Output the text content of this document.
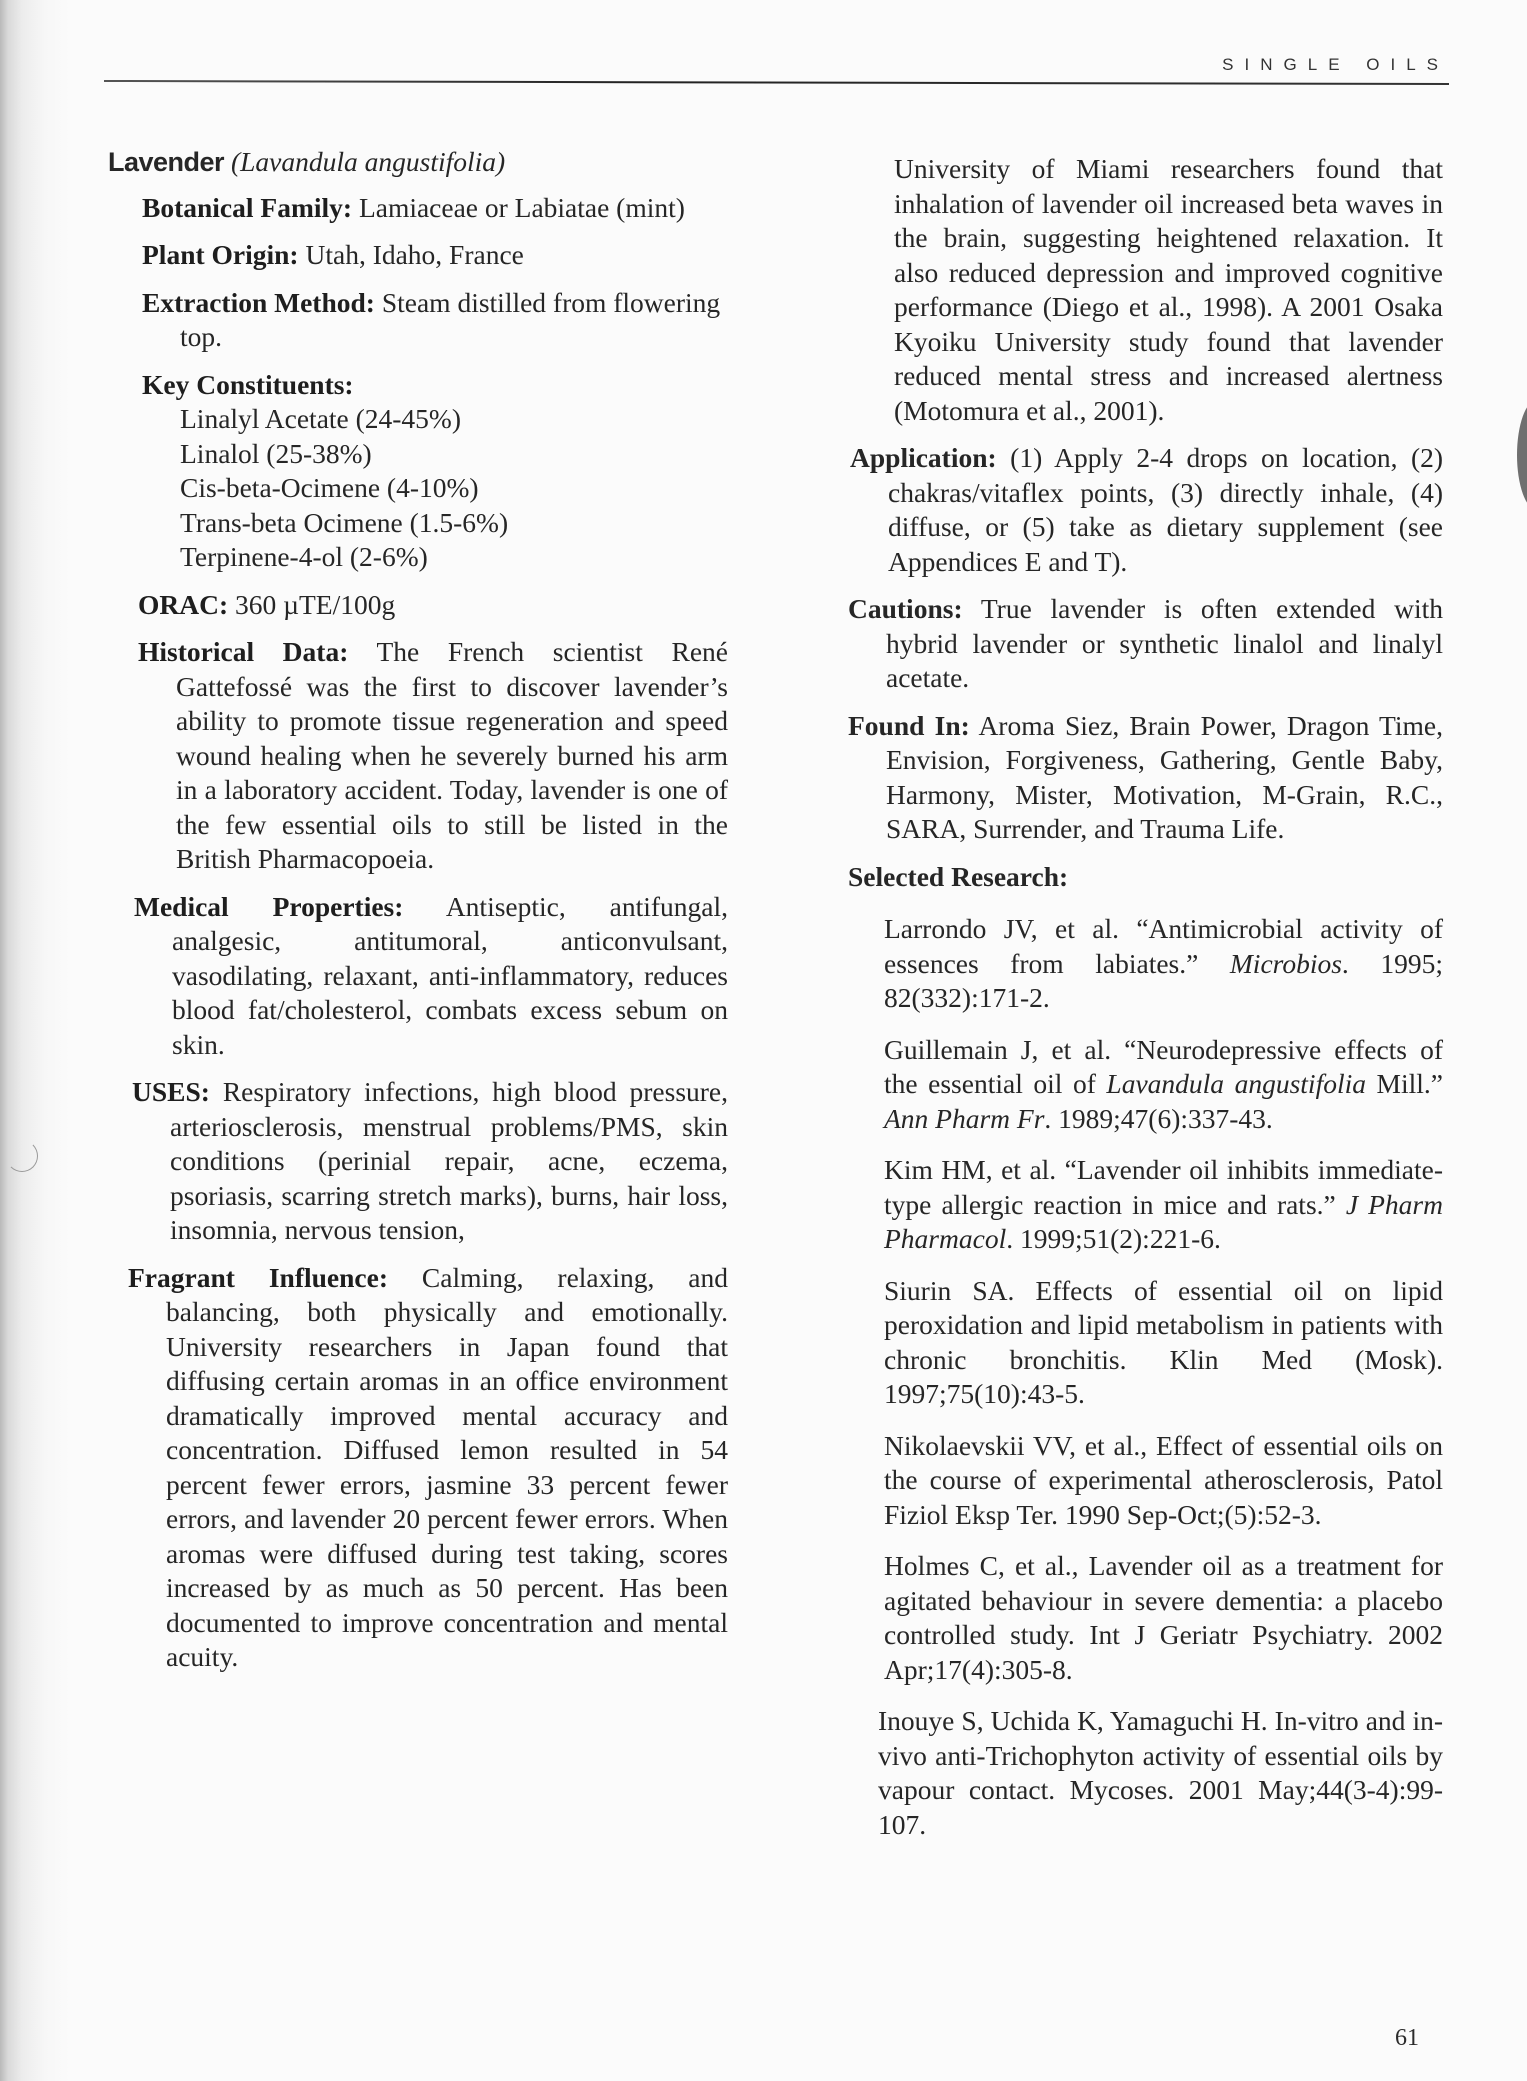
SINGLE OILS
Lavender (Lavandula angustifolia)
Botanical Family: Lamiaceae or Labiatae (mint)
Plant Origin: Utah, Idaho, France
Extraction Method: Steam distilled from flowering top.
Key Constituents:
Linalyl Acetate (24-45%)
Linalol (25-38%)
Cis-beta-Ocimene (4-10%)
Trans-beta Ocimene (1.5-6%)
Terpinene-4-ol (2-6%)
ORAC: 360 µTE/100g
Historical Data: The French scientist René Gattefossé was the first to discover lavender’s ability to promote tissue regeneration and speed wound healing when he severely burned his arm in a laboratory accident. Today, lavender is one of the few essential oils to still be listed in the British Pharmacopoeia.
Medical Properties: Antiseptic, antifungal, analgesic, antitumoral, anticonvulsant, vasodilating, relaxant, anti-inflammatory, reduces blood fat/cholesterol, combats excess sebum on skin.
USES: Respiratory infections, high blood pressure, arteriosclerosis, menstrual problems/PMS, skin conditions (perinial repair, acne, eczema, psoriasis, scarring stretch marks), burns, hair loss, insomnia, nervous tension,
Fragrant Influence: Calming, relaxing, and balancing, both physically and emotionally. University researchers in Japan found that diffusing certain aromas in an office environment dramatically improved mental accuracy and concentration. Diffused lemon resulted in 54 percent fewer errors, jasmine 33 percent fewer errors, and lavender 20 percent fewer errors. When aromas were diffused during test taking, scores increased by as much as 50 percent. Has been documented to improve concentration and mental acuity.
University of Miami researchers found that inhalation of lavender oil increased beta waves in the brain, suggesting heightened relaxation. It also reduced depression and improved cognitive performance (Diego et al., 1998). A 2001 Osaka Kyoiku University study found that lavender reduced mental stress and increased alertness (Motomura et al., 2001).
Application: (1) Apply 2-4 drops on location, (2) chakras/vitaflex points, (3) directly inhale, (4) diffuse, or (5) take as dietary supplement (see Appendices E and T).
Cautions: True lavender is often extended with hybrid lavender or synthetic linalol and linalyl acetate.
Found In: Aroma Siez, Brain Power, Dragon Time, Envision, Forgiveness, Gathering, Gentle Baby, Harmony, Mister, Motivation, M-Grain, R.C., SARA, Surrender, and Trauma Life.
Selected Research:
Larrondo JV, et al. “Antimicrobial activity of essences from labiates.” Microbios. 1995; 82(332):171-2.
Guillemain J, et al. “Neurodepressive effects of the essential oil of Lavandula angustifolia Mill.” Ann Pharm Fr. 1989;47(6):337-43.
Kim HM, et al. “Lavender oil inhibits immediate-type allergic reaction in mice and rats.” J Pharm Pharmacol. 1999;51(2):221-6.
Siurin SA. Effects of essential oil on lipid peroxidation and lipid metabolism in patients with chronic bronchitis. Klin Med (Mosk). 1997;75(10):43-5.
Nikolaevskii VV, et al., Effect of essential oils on the course of experimental atherosclerosis, Patol Fiziol Eksp Ter. 1990 Sep-Oct;(5):52-3.
Holmes C, et al., Lavender oil as a treatment for agitated behaviour in severe dementia: a placebo controlled study. Int J Geriatr Psychiatry. 2002 Apr;17(4):305-8.
Inouye S, Uchida K, Yamaguchi H. In-vitro and in-vivo anti-Trichophyton activity of essential oils by vapour contact. Mycoses. 2001 May;44(3-4):99-107.
61
